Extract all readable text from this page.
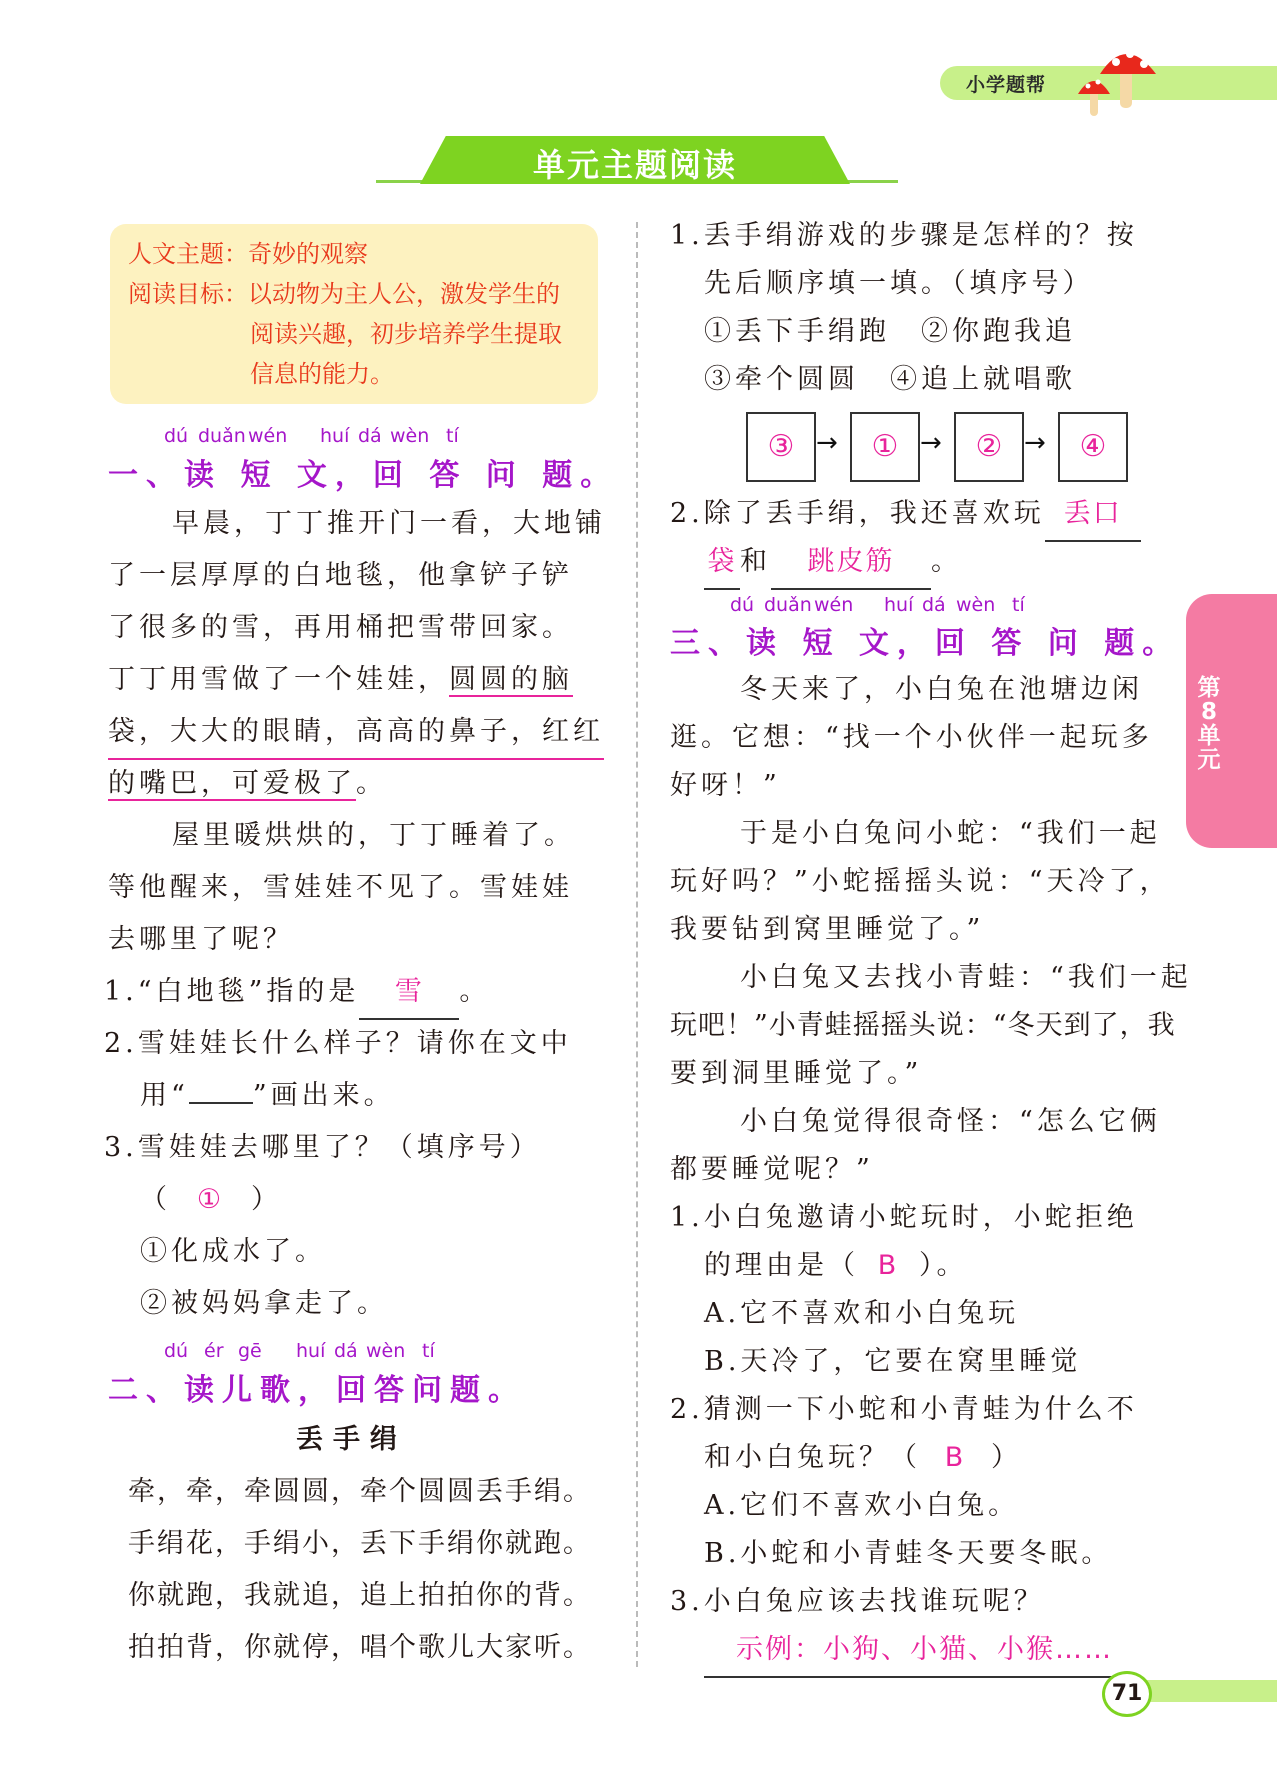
小学题帮
单元主题阅读
人文主题：奇妙的观察
阅读目标：以动物为主人公，激发学生的
阅读兴趣，初步培养学生提取
信息的能力。
dú duǎn wén huí dá wèn tí
一、读 短 文，回 答 问 题。
早晨，丁丁推开门一看，大地铺
了一层厚厚的白地毯，他拿铲子铲
了很多的雪，再用桶把雪带回家。
丁丁用雪做了一个娃娃，圆圆的脑
袋，大大的眼睛，高高的鼻子，红红
的嘴巴，可爱极了。
屋里暖烘烘的，丁丁睡着了。
等他醒来，雪娃娃不见了。雪娃娃
去哪里了呢？
1.“白地毯”指的是 雪 。
2.雪娃娃长什么样子？请你在文中
用“ ”画出来。
3.雪娃娃去哪里了？（填序号）
（ ① ）
①化成水了。
②被妈妈拿走了。
dú ér gē huí dá wèn tí
二、读儿歌，回答问题。
丢手绢
牵，牵，牵圆圆，牵个圆圆丢手绢。
手绢花，手绢小，丢下手绢你就跑。
你就跑，我就追，追上拍拍你的背。
拍拍背，你就停，唱个歌儿大家听。
1.丢手绢游戏的步骤是怎样的？按
先后顺序填一填。（填序号）
①丢下手绢跑　②你跑我追
③牵个圆圆　④追上就唱歌
③ →	① →	② →	④
2.除了丢手绢，我还喜欢玩 丢口
袋 和 跳皮筋 。
dú duǎn wén huí dá wèn tí
三、读 短 文，回 答 问 题。
冬天来了，小白兔在池塘边闲
逛。它想：“找一个小伙伴一起玩多
好呀！”
于是小白兔问小蛇：“我们一起
玩好吗？”小蛇摇摇头说：“天冷了，
我要钻到窝里睡觉了。”
小白兔又去找小青蛙：“我们一起
玩吧！”小青蛙摇摇头说：“冬天到了，我
要到洞里睡觉了。”
小白兔觉得很奇怪：“怎么它俩
都要睡觉呢？”
1.小白兔邀请小蛇玩时，小蛇拒绝
的理由是（ B ）。
A.它不喜欢和小白兔玩
B.天冷了，它要在窝里睡觉
2.猜测一下小蛇和小青蛙为什么不
和小白兔玩？（ B ）
A.它们不喜欢小白兔。
B.小蛇和小青蛙冬天要冬眠。
3.小白兔应该去找谁玩呢？
示例：小狗、小猫、小猴……
第
8
单
元
71
